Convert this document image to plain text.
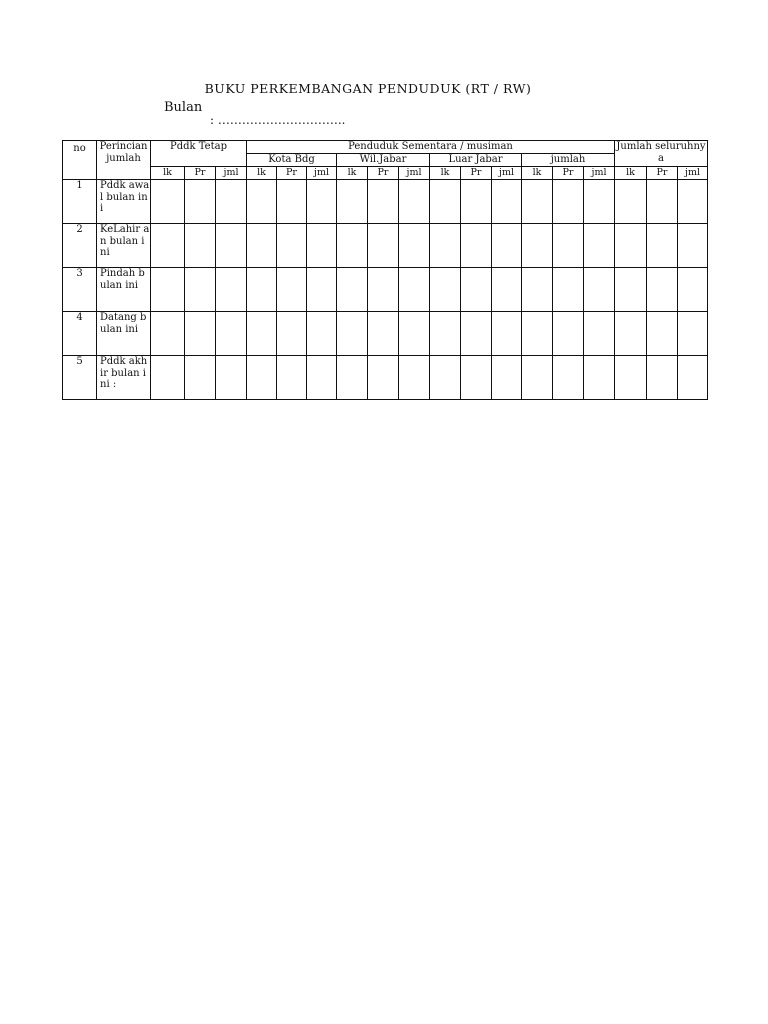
BUKU PERKEMBANGAN PENDUDUK (RT / RW)
Bulan
: …………………………..
no	Perincian jumlah	Pddk Tetap			Penduduk Sementara / musiman												Jumlah seluruhnya		
					Kota Bdg			Wil.Jabar			Luar Jabar			jumlah					
		lk	Pr	jml	lk	Pr	jml	lk	Pr	jml	lk	Pr	jml	lk	Pr	jml	lk	Pr	jml
1	Pddk awal bulan ini																		
2	KeLahir an bulan ini																		
3	Pindah bulan ini																		
4	Datang bulan ini																		
5	Pddk akhir bulan ini :																		
